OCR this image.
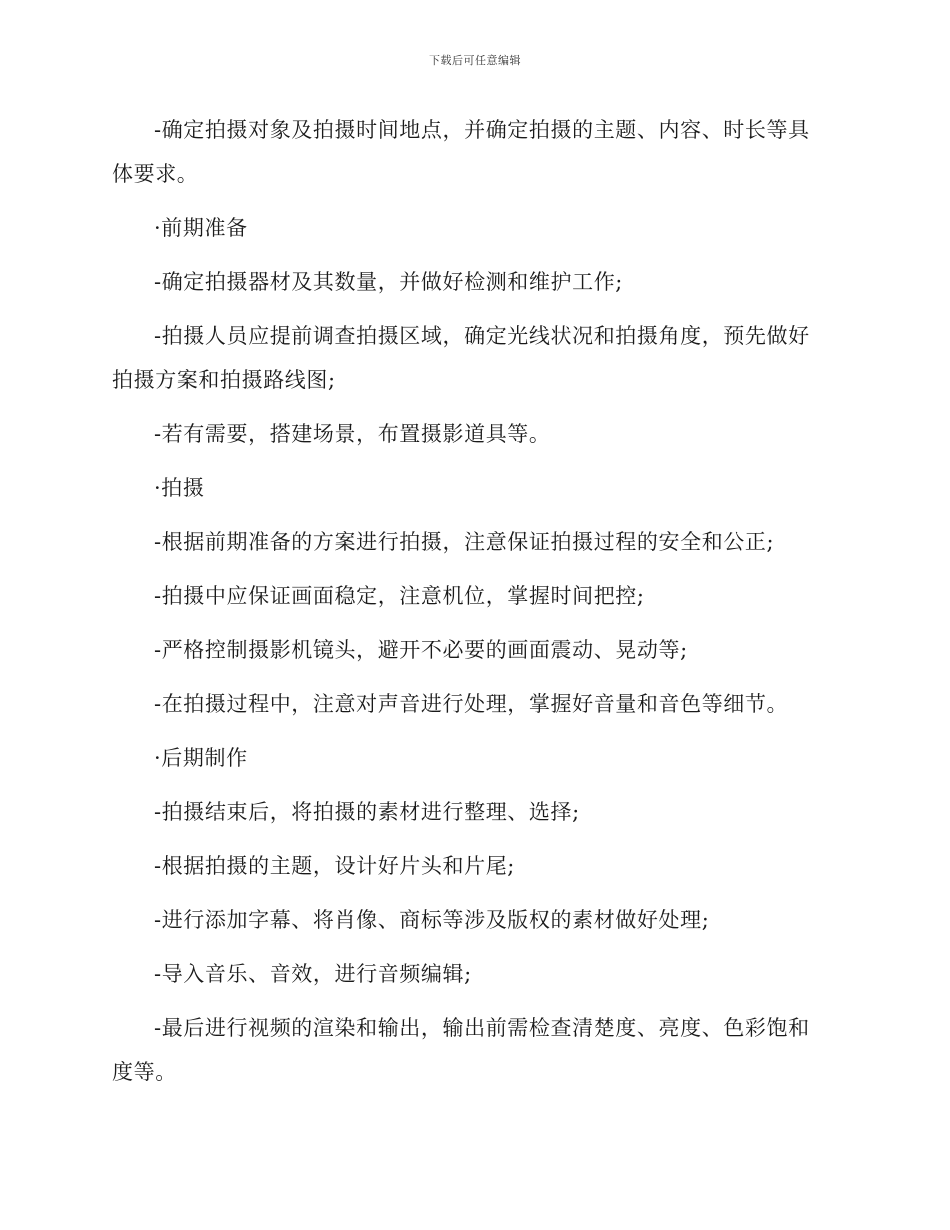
下载后可任意编辑

-确定拍摄对象及拍摄时间地点，并确定拍摄的主题、内容、时长等具体要求。

·前期准备

-确定拍摄器材及其数量，并做好检测和维护工作;

-拍摄人员应提前调查拍摄区域，确定光线状况和拍摄角度，预先做好拍摄方案和拍摄路线图;

-若有需要，搭建场景，布置摄影道具等。

·拍摄

-根据前期准备的方案进行拍摄，注意保证拍摄过程的安全和公正;

-拍摄中应保证画面稳定，注意机位，掌握时间把控;

-严格控制摄影机镜头，避开不必要的画面震动、晃动等;

-在拍摄过程中，注意对声音进行处理，掌握好音量和音色等细节。

·后期制作

-拍摄结束后，将拍摄的素材进行整理、选择;

-根据拍摄的主题，设计好片头和片尾;

-进行添加字幕、将肖像、商标等涉及版权的素材做好处理;

-导入音乐、音效，进行音频编辑;

-最后进行视频的渲染和输出，输出前需检查清楚度、亮度、色彩饱和度等。
